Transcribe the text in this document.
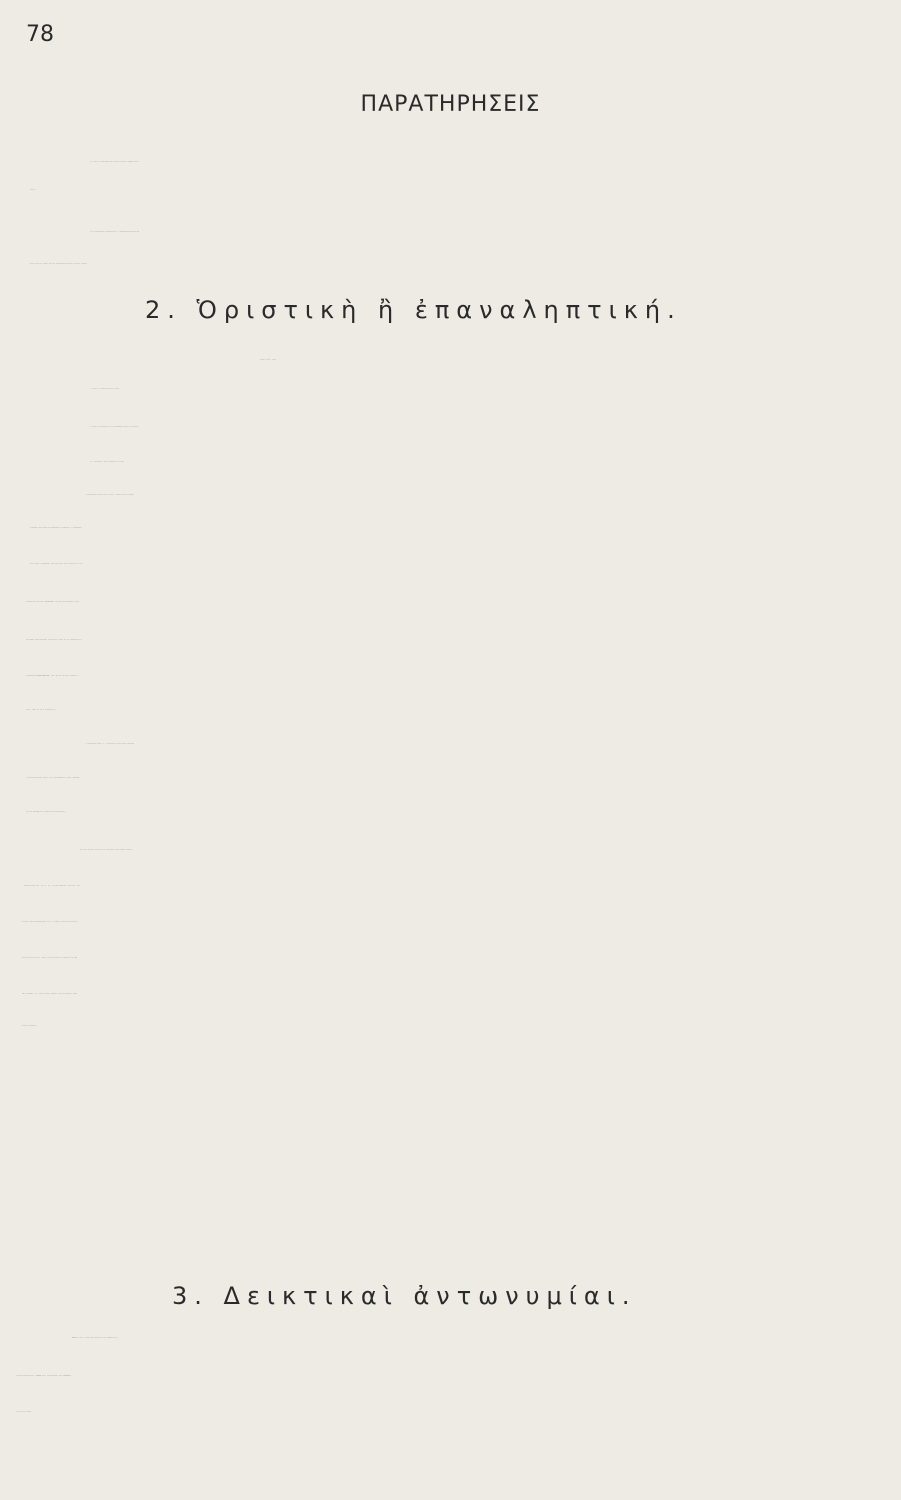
78
ΠΑΡΑΤΗΡΗΣΕΙΣ
1) Ὅλαι αἱ ἀντωνυμίαι δὲν ἔχουν κλητικὴν πτῶσιν οὔτε
ἄρθρα.
2) Ὡς προσωπικὴν ἀντωνυμίαν γ΄ προσώπου μεταχειριζό-
μεθα ἀντὶ τῆς αὐτὸς καὶ τὴν ἀντωνυμίαν ἐκεῖνος, ἐκείνη, ἐκεῖνο.
2. Ὁριστικὴ ἢ ἐπαναληπτική.
αὐτός, αὐτή, αὐτό
1. Αὐτὸς ὁ διδάσκαλος ἦλθε χθές.
2. Εἶδον τὸν Νικόλαον καὶ προέτρεψα αὐτὸν νὰ μελετᾷ.
3. Ὁ Δημήτριος εἶναι πάντοτε ὁ αὐτός.
Ἡ ἀντωνυμία αὐτός, αὐτή, αὐτό, ἡ ὁποία καθὼς εἴδομεν
ἀνωτέρω χρησιμεύει ὡς προσωπικὴ ἀντωνυμία γ΄ προσώπου,
ὅταν ὁρίζῃ (ξεχωρίζει) κάτι ἀπὸ ἄλλα ὅμοια (ὅπως εἰς τὸ 1
παράδειγμα) λέγεται ὁριστική. Ὅταν δὲ ἐπαναλαμβάνῃ κάτι,
τὸ ὁποῖον προηγουμένως ἔχει λεχθῆ (ὅπως εἰς τὸ παράδειγμα 2)
ὀνομάζεται ἐπαναληπτική. Ὅταν ἔχῃ τὸ ἄρθρον, σημαίνει ὁ
ἴδιος (ὅπως εἰς τὸ 3 παράδειγμα).
Ἡ ἀντωνυμία αὐτὸς -ἡ -ὁ κλίνεται ὡς ἐπίθετον τριγενὲς
καὶ τρικατάληκτον χωρὶς ν εἰς τὸ οὐδέτερον (ὅπως ἀνωτέρω
εἰς τὰς προσωπικὰς ἀντωνυμίας παρατίθεται).
Εἰς τὴν γενικήν, δοτικὴν καὶ αἰτιατικὴν ἔχει τύπους βραχυ-
τέρους χωρὶς δηλ. τὸ -αυ˙ π.χ. (αὐ)τοῦ ὡμίλησα, τὸν εἶδα, τῆς
ἔγραψα, τοὺς συνεβούλευσα κ.λ.π. Οἱ τύποι αὐτοὶ διακρίνονται
εὔκολα ἀπὸ τὰ ἄρθρα, διότι τίθενται μετὰ τὰ ὀνόματα καὶ πρὸ
τῶν ρημάτων˙ π.χ. τὸν (ἄρθρον) Πέτρον τὸν (ἀντωνυμία) προέ-
τρεψα νὰ μελετᾷ.
3. Δεικτικαὶ ἀντωνυμίαι.
Οὗτος εἶναι ὁ κῆπος τοῦ σχολείου μας. Αὐτὴ εἶναι ἡ
αἴθουσα διδασκαλίας. Τοῦτο εἶναι τὸ τετράδιόν σου. Ἐκεῖνος
ὁ μαθητὴς γράφει.
